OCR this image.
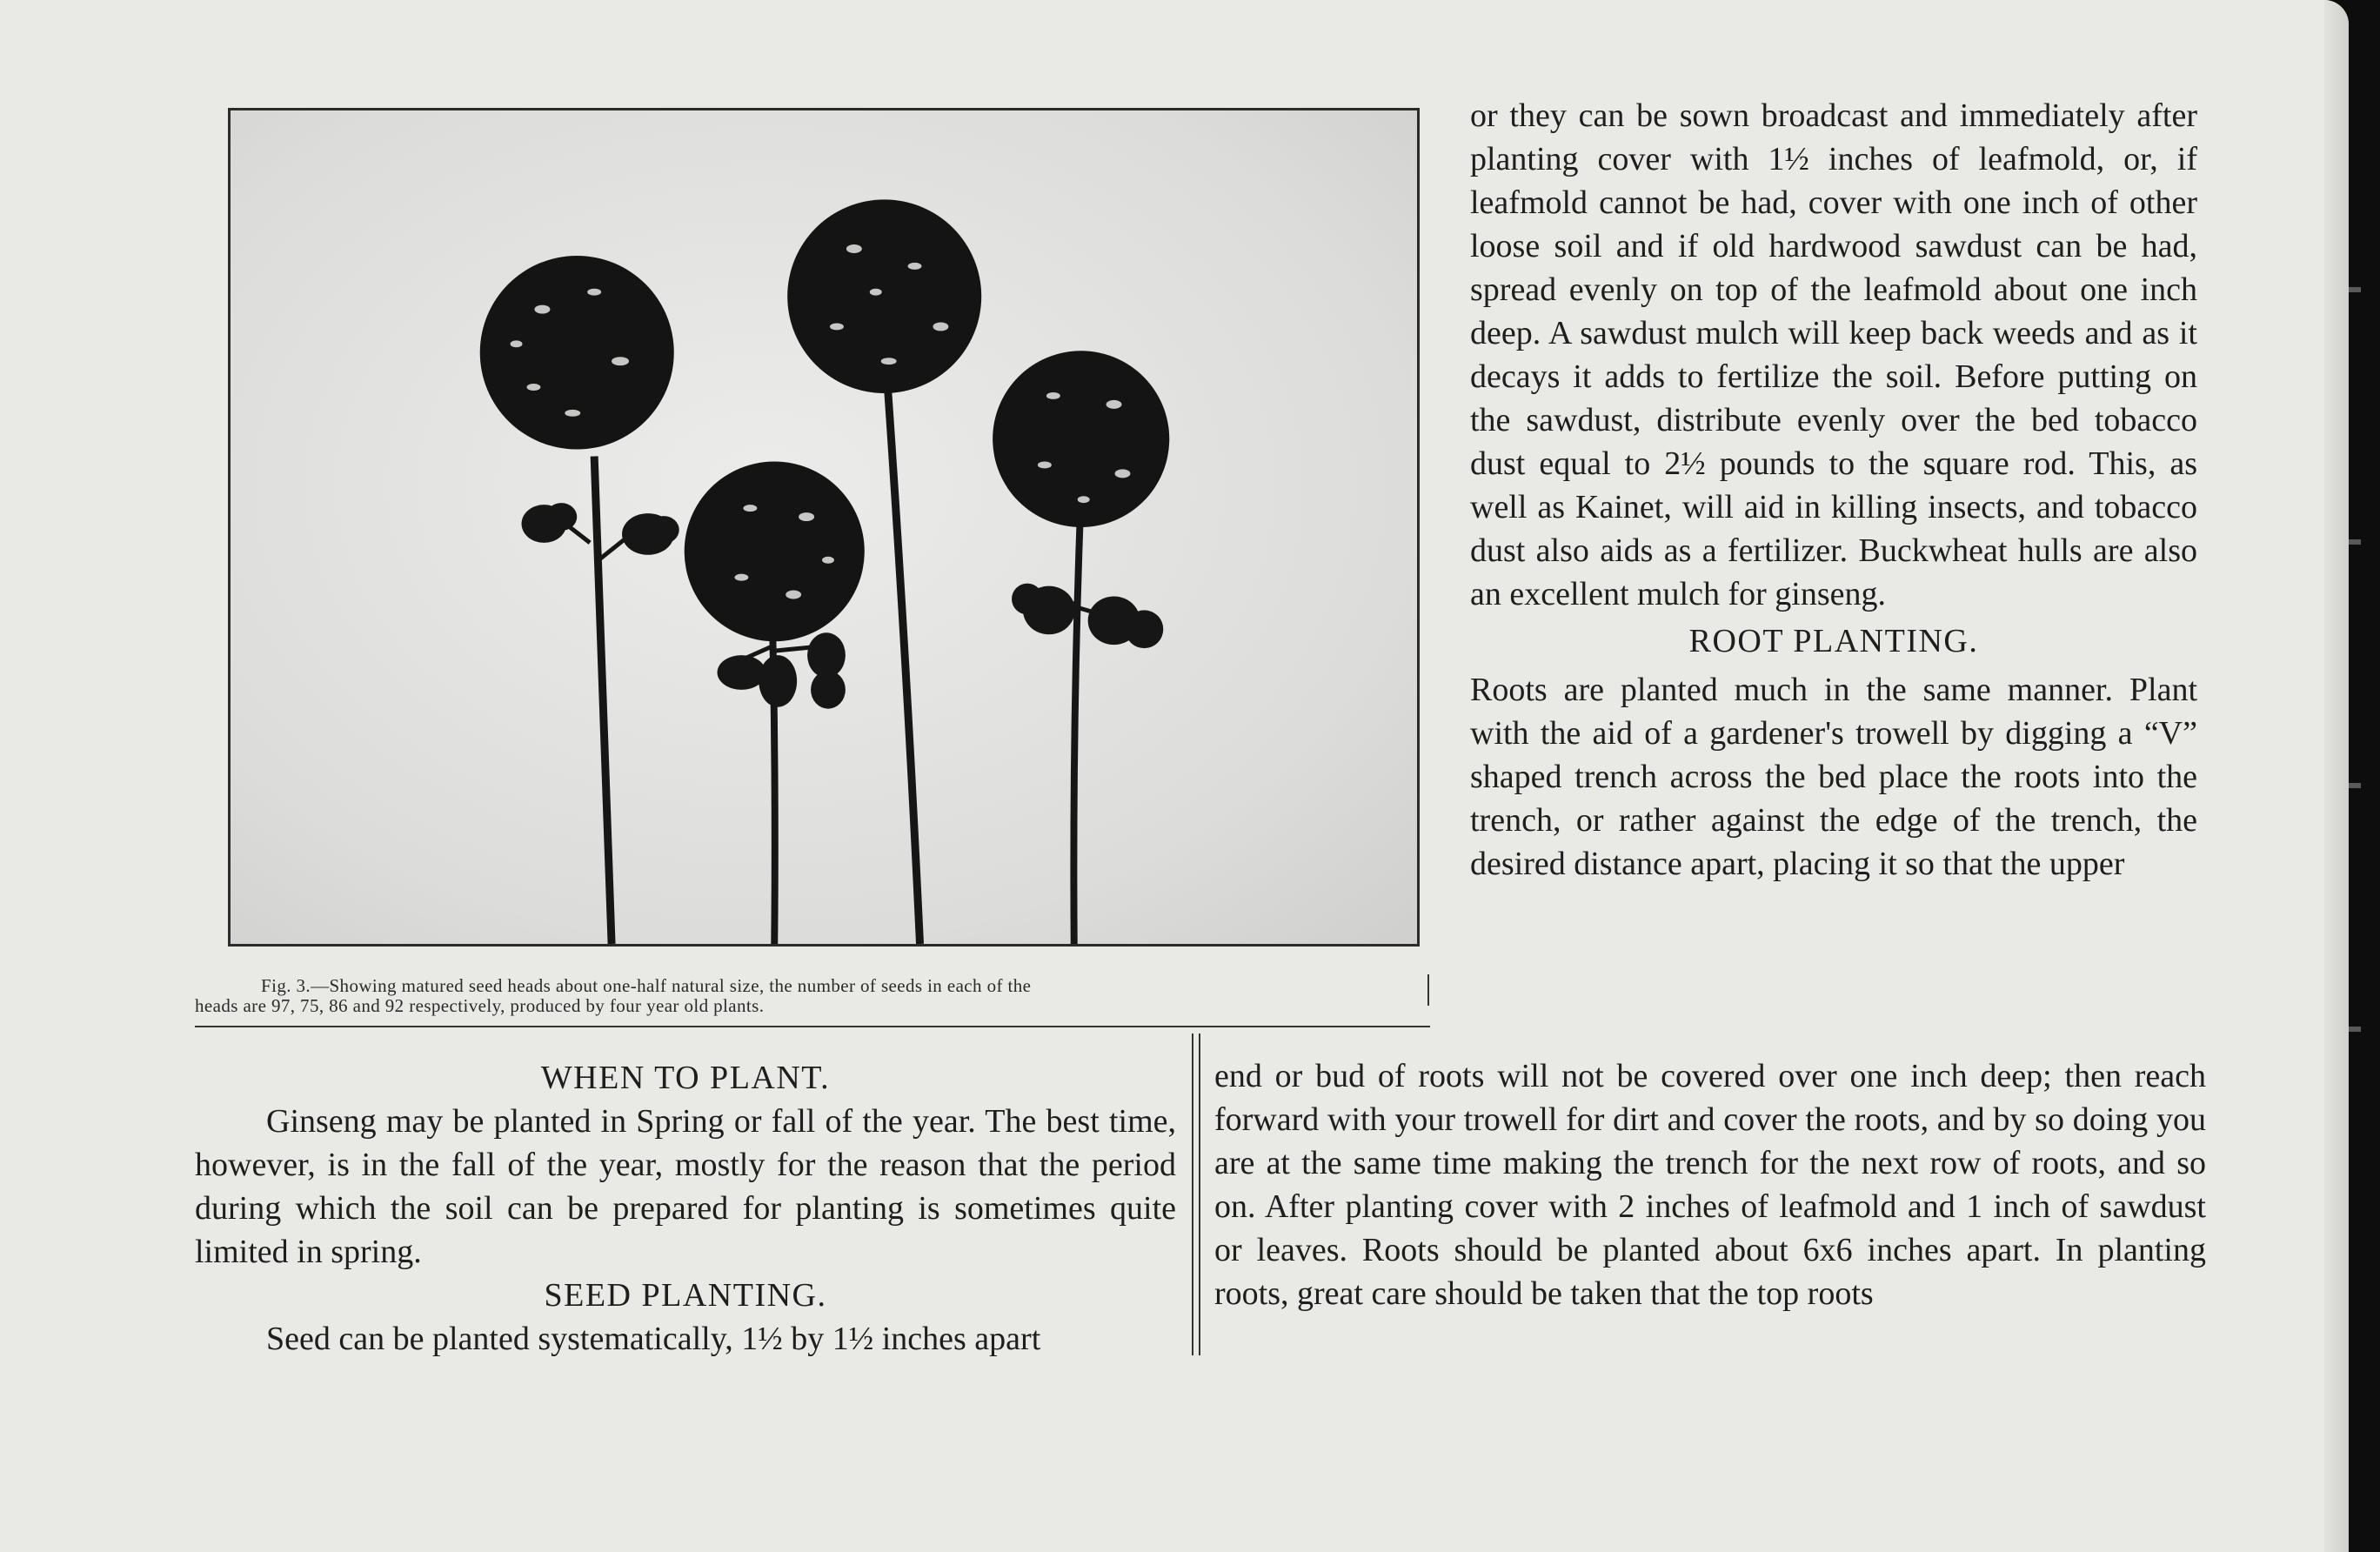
Fig. 3.—Showing matured seed heads about one-half natural size, the number of seeds in each of the
heads are 97, 75, 86 and 92 respectively, produced by four year old plants.

or they can be sown broadcast and immediately after planting cover with 1½ inches of leafmold, or, if leafmold cannot be had, cover with one inch of other loose soil and if old hardwood sawdust can be had, spread evenly on top of the leafmold about one inch deep. A sawdust mulch will keep back weeds and as it decays it adds to fertilize the soil. Before putting on the sawdust, distribute evenly over the bed tobacco dust equal to 2½ pounds to the square rod. This, as well as Kainet, will aid in killing insects, and tobacco dust also aids as a fertilizer. Buckwheat hulls are also an excellent mulch for ginseng.

ROOT PLANTING.

Roots are planted much in the same manner. Plant with the aid of a gardener's trowell by digging a “V” shaped trench across the bed place the roots into the trench, or rather against the edge of the trench, the desired distance apart, placing it so that the upper

WHEN TO PLANT.

Ginseng may be planted in Spring or fall of the year. The best time, however, is in the fall of the year, mostly for the reason that the period during which the soil can be prepared for planting is sometimes quite limited in spring.

SEED PLANTING.

Seed can be planted systematically, 1½ by 1½ inches apart

end or bud of roots will not be covered over one inch deep; then reach forward with your trowell for dirt and cover the roots, and by so doing you are at the same time making the trench for the next row of roots, and so on. After planting cover with 2 inches of leafmold and 1 inch of sawdust or leaves. Roots should be planted about 6x6 inches apart. In planting roots, great care should be taken that the top roots
